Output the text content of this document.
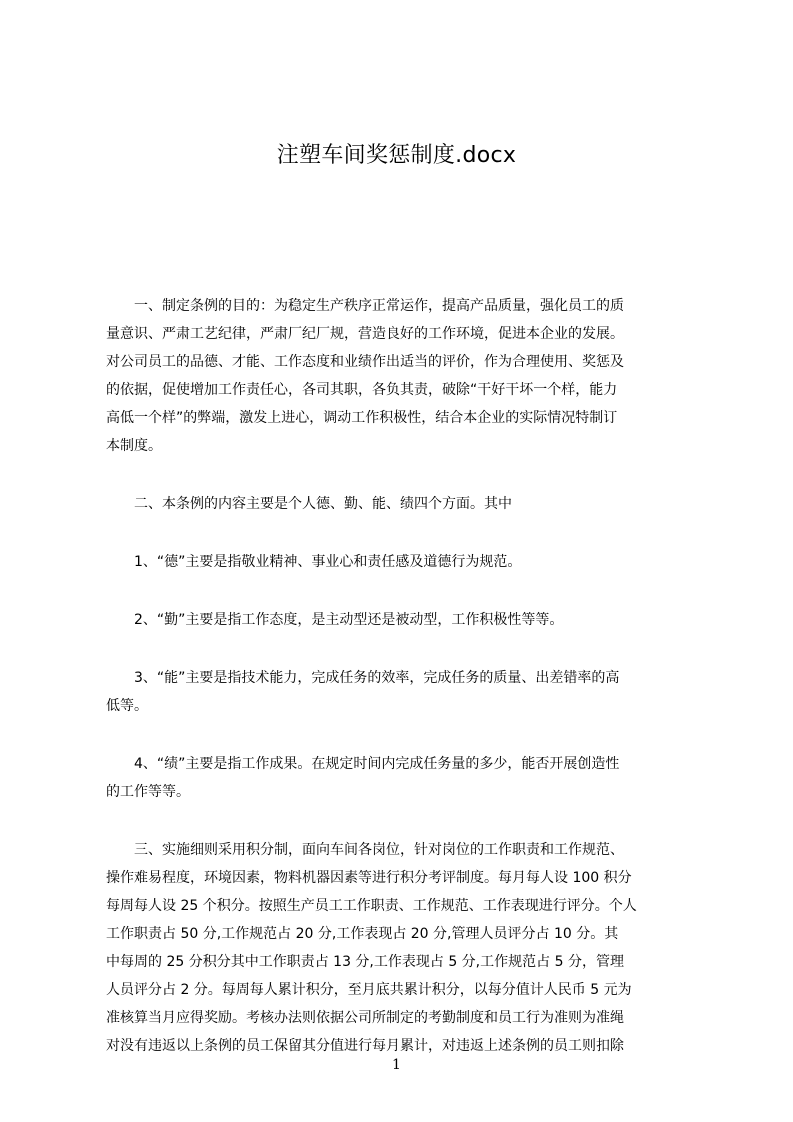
注塑车间奖惩制度.docx
　　一、制定条例的目的：为稳定生产秩序正常运作，提高产品质量，强化员工的质
量意识、严肃工艺纪律，严肃厂纪厂规，营造良好的工作环境，促进本企业的发展。
对公司员工的品德、才能、工作态度和业绩作出适当的评价，作为合理使用、奖惩及
的依据，促使增加工作责任心，各司其职，各负其责，破除“干好干坏一个样，能力
高低一个样”的弊端，激发上进心，调动工作积极性，结合本企业的实际情况特制订
本制度。
　　二、本条例的内容主要是个人德、勤、能、绩四个方面。其中
　　1、“德”主要是指敬业精神、事业心和责任感及道德行为规范。
　　2、“勤”主要是指工作态度，是主动型还是被动型，工作积极性等等。
　　3、“能”主要是指技术能力，完成任务的效率，完成任务的质量、出差错率的高
低等。
　　4、“绩”主要是指工作成果。在规定时间内完成任务量的多少，能否开展创造性
的工作等等。
　　三、实施细则采用积分制，面向车间各岗位，针对岗位的工作职责和工作规范、
操作难易程度，环境因素，物料机器因素等进行积分考评制度。每月每人设 100 积分
每周每人设 25 个积分。按照生产员工工作职责、工作规范、工作表现进行评分。个人
工作职责占 50 分,工作规范占 20 分,工作表现占 20 分,管理人员评分占 10 分。其
中每周的 25 分积分其中工作职责占 13 分,工作表现占 5 分,工作规范占 5 分，管理
人员评分占 2 分。每周每人累计积分，至月底共累计积分，以每分值计人民币 5 元为
准核算当月应得奖励。考核办法则依据公司所制定的考勤制度和员工行为准则为准绳
对没有违返以上条例的员工保留其分值进行每月累计，对违返上述条例的员工则扣除
1
